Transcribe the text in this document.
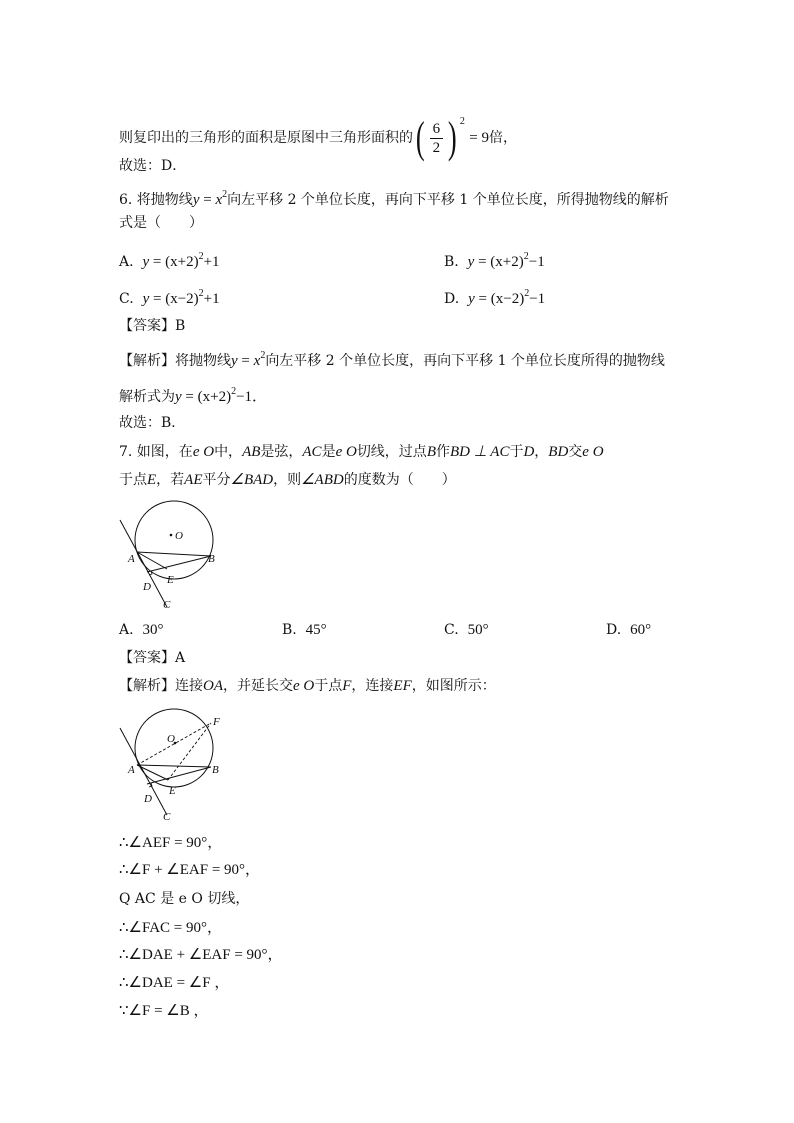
则复印出的三角形的面积是原图中三角形面积的( $\frac{6}{2}$ ) $^2$ = 9倍，
故选：D．
6. 将抛物线$y = x^2$向左平移 2 个单位长度，再向下平移 1 个单位长度，所得抛物线的解析
式是（　　）
A. $y = (x+2)^2+1$	B. $y = (x+2)^2-1$
C. $y = (x-2)^2+1$	D. $y = (x-2)^2-1$
【答案】B
【解析】将抛物线$y = x^2$向左平移 2 个单位长度，再向下平移 1 个单位长度所得的抛物线
解析式为$y = (x+2)^2-1$．
故选：B．
7. 如图，在e O中，AB是弦，AC是e O切线，过点B作BD ⊥ AC于D，BD交e O
于点E，若AE平分∠BAD，则∠ABD的度数为（　　）
O
A	B
E
D
C
A. 30°	B. 45°	C. 50°	D. 60°
【答案】A
【解析】连接OA，并延长交e O于点F，连接EF，如图所示：
O
F
A	B
E
D
C
∴∠AEF = 90°，
∴∠F + ∠EAF = 90°，
Q AC 是 e O 切线，
∴∠FAC = 90°，
∴∠DAE + ∠EAF = 90°，
∴∠DAE = ∠F ，
∵∠F = ∠B ，
